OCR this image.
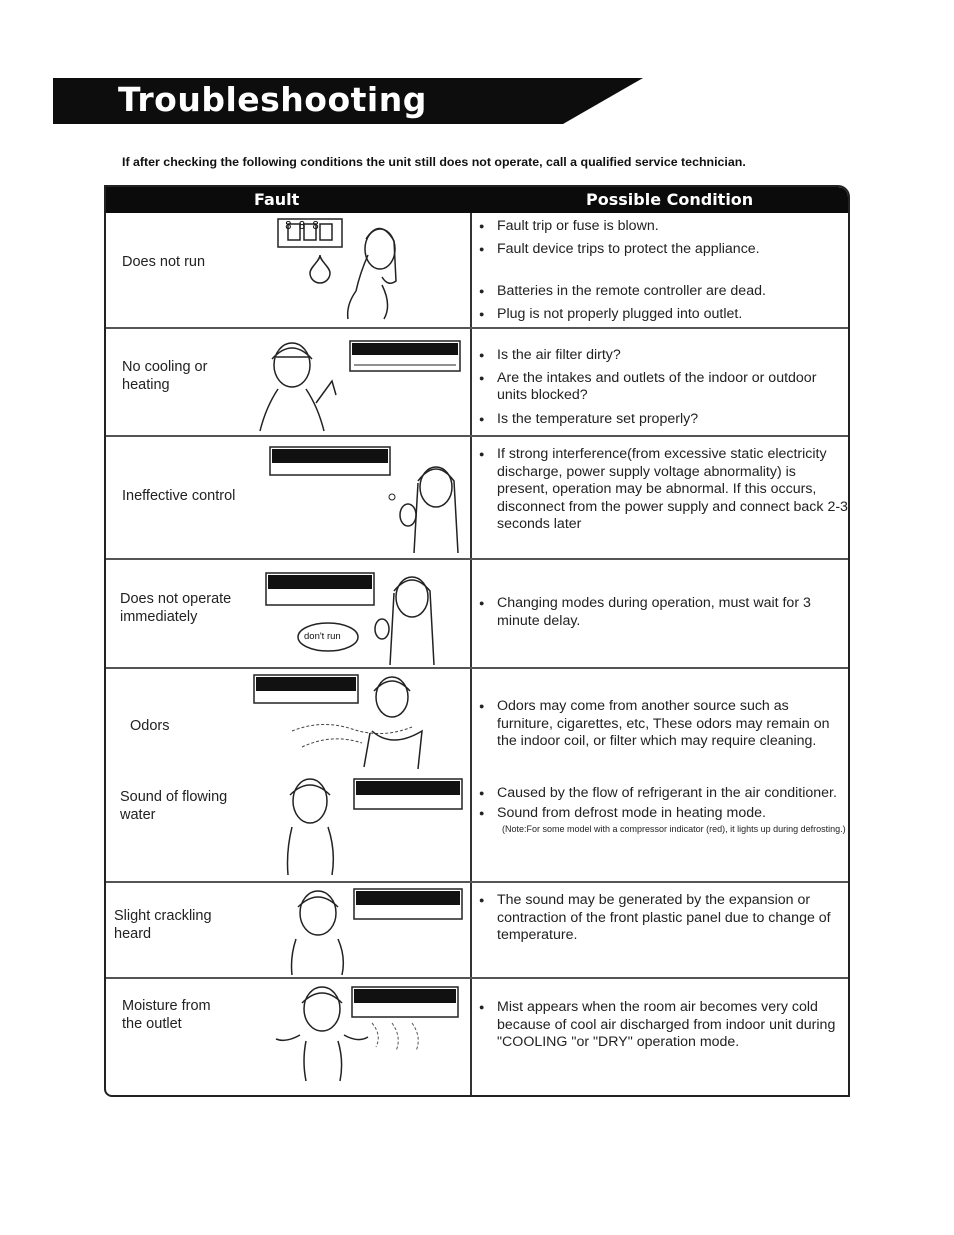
Troubleshooting
If after checking the following conditions the unit still does not operate, call a qualified service technician.
Fault	Possible Condition
Does not run

● Fault trip or fuse is blown.

● Fault device trips to protect the appliance.

● Batteries in the remote controller are dead.

● Plug is not properly plugged into outlet.

No cooling or heating

● Is the air filter dirty?

● Are the intakes and outlets of the indoor or outdoor units blocked?

● Is the temperature set properly?

Ineffective control

● If strong interference(from excessive static electricity discharge, power supply voltage abnormality) is present, operation may be abnormal. If this occurs, disconnect from the power supply and connect back 2-3 seconds later

Does not operate immediately
don't run

● Changing modes during operation, must wait for 3 minute delay.

Odors

● Odors may come from another source such as furniture, cigarettes, etc, These odors may remain on the indoor coil, or filter which may require cleaning.

Sound of flowing water

● Caused by the flow of refrigerant in the air conditioner.

● Sound from defrost mode in heating mode.

(Note:For some model with a compressor indicator (red), it lights up during defrosting.)
Slight crackling heard

● The sound may be generated by the expansion or contraction of the front plastic panel due to change of temperature.

Moisture from the outlet

● Mist appears when the room air becomes very cold because of cool air discharged from indoor unit during "COOLING "or "DRY" operation mode.

888
